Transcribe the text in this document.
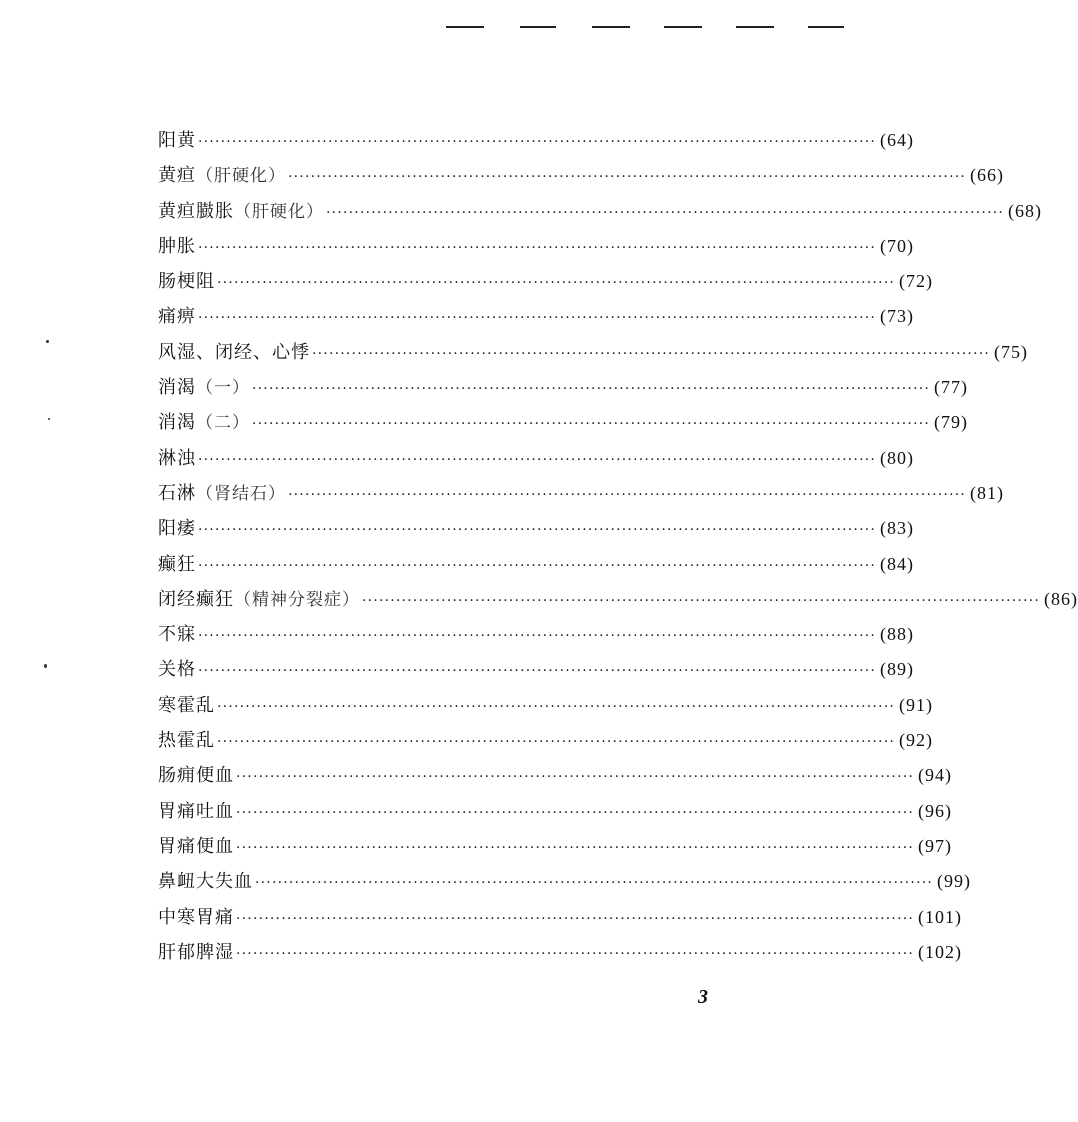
阳黄 ························································································································ (64)
黄疸（肝硬化） ························································································································ (66)
黄疸臌胀（肝硬化） ························································································································ (68)
肿胀 ························································································································ (70)
肠梗阻 ························································································································ (72)
痛痹 ························································································································ (73)
风湿、闭经、心悸 ························································································································ (75)
消渴（一） ························································································································ (77)
消渴（二） ························································································································ (79)
淋浊 ························································································································ (80)
石淋（肾结石） ························································································································ (81)
阳痿 ························································································································ (83)
癫狂 ························································································································ (84)
闭经癫狂（精神分裂症） ························································································································ (86)
不寐 ························································································································ (88)
关格 ························································································································ (89)
寒霍乱 ························································································································ (91)
热霍乱 ························································································································ (92)
肠痈便血 ························································································································ (94)
胃痛吐血 ························································································································ (96)
胃痛便血 ························································································································ (97)
鼻衄大失血 ························································································································ (99)
中寒胃痛 ························································································································ (101)
肝郁脾湿 ························································································································ (102)
3
